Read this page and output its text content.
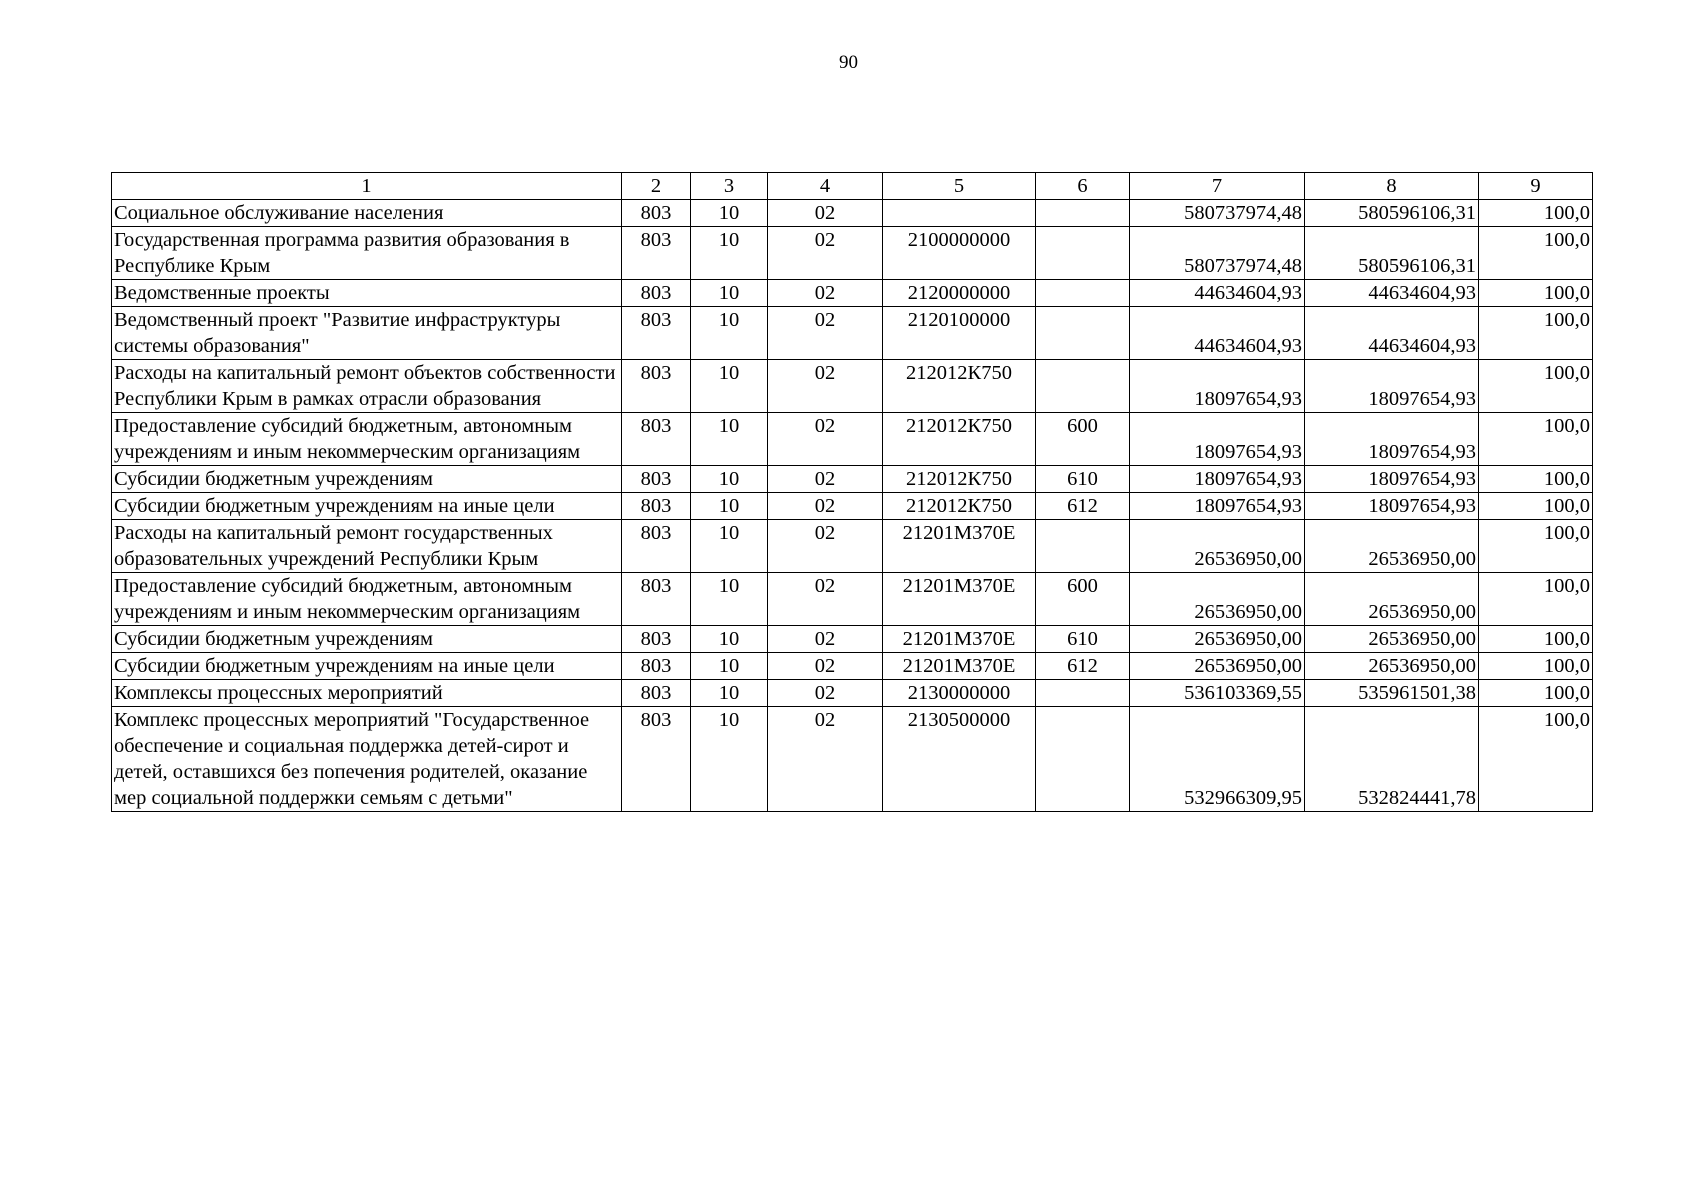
90
1	2	3	4	5	6	7	8	9
Социальное обслуживание населения	803	10	02			580737974,48	580596106,31	100,0
Государственная программа развития образования в Республике Крым	803	10	02	2100000000		580737974,48	580596106,31	100,0
Ведомственные проекты	803	10	02	2120000000		44634604,93	44634604,93	100,0
Ведомственный проект "Развитие инфраструктуры системы образования"	803	10	02	2120100000		44634604,93	44634604,93	100,0
Расходы на капитальный ремонт объектов собственности Республики Крым в рамках отрасли образования	803	10	02	212012К750		18097654,93	18097654,93	100,0
Предоставление субсидий бюджетным, автономным учреждениям и иным некоммерческим организациям	803	10	02	212012К750	600	18097654,93	18097654,93	100,0
Субсидии бюджетным учреждениям	803	10	02	212012К750	610	18097654,93	18097654,93	100,0
Субсидии бюджетным учреждениям на иные цели	803	10	02	212012К750	612	18097654,93	18097654,93	100,0
Расходы на капитальный ремонт государственных образовательных учреждений Республики Крым	803	10	02	21201М370Е		26536950,00	26536950,00	100,0
Предоставление субсидий бюджетным, автономным учреждениям и иным некоммерческим организациям	803	10	02	21201М370Е	600	26536950,00	26536950,00	100,0
Субсидии бюджетным учреждениям	803	10	02	21201М370Е	610	26536950,00	26536950,00	100,0
Субсидии бюджетным учреждениям на иные цели	803	10	02	21201М370Е	612	26536950,00	26536950,00	100,0
Комплексы процессных мероприятий	803	10	02	2130000000		536103369,55	535961501,38	100,0
Комплекс процессных мероприятий "Государственное обеспечение и социальная поддержка детей-сирот и детей, оставшихся без попечения родителей, оказание мер социальной поддержки семьям с детьми"	803	10	02	2130500000		532966309,95	532824441,78	100,0
